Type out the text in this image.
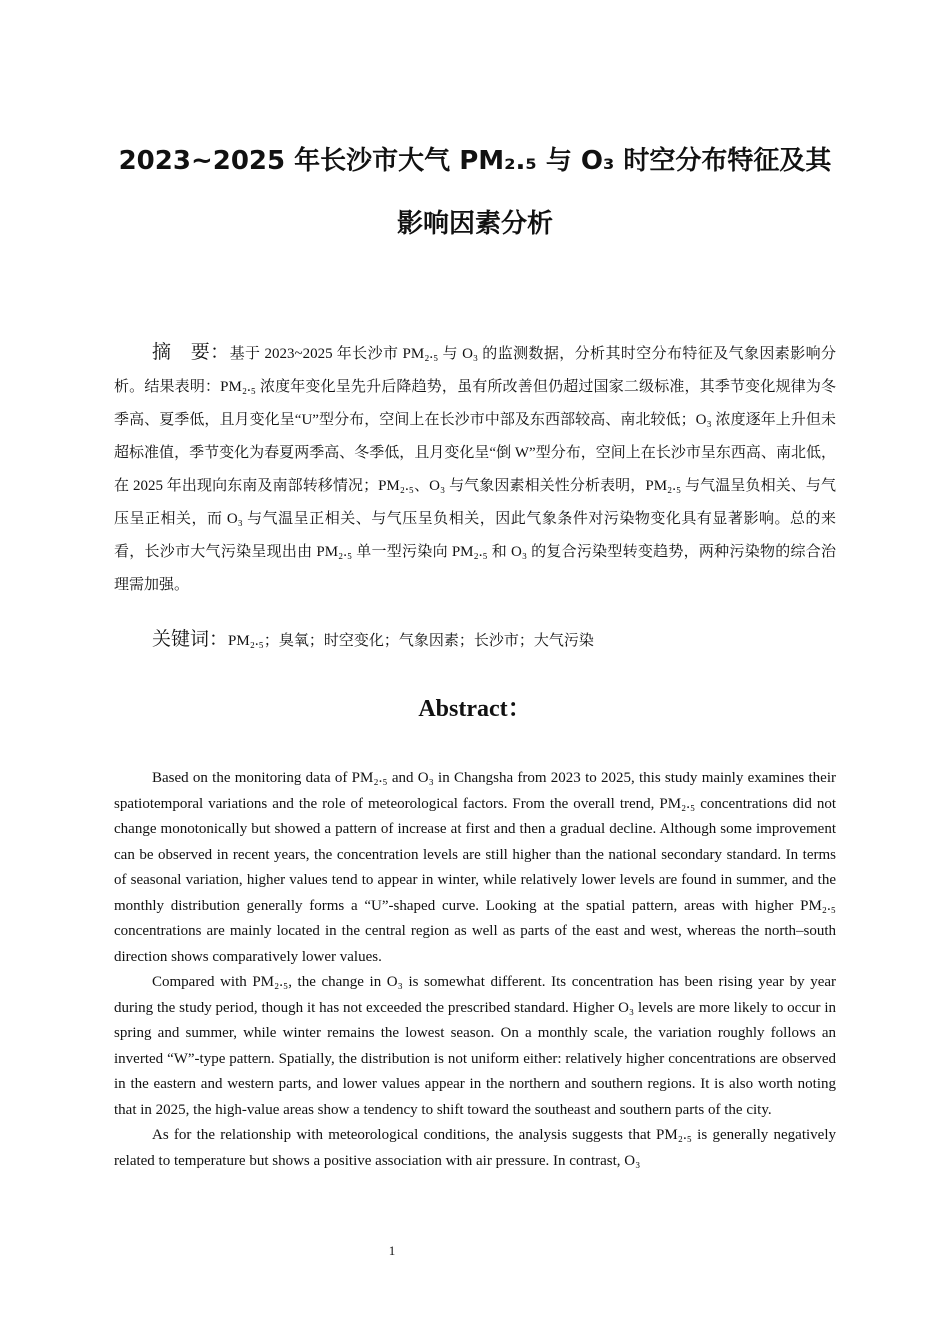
2023~2025 年长沙市大气 PM₂.₅ 与 O₃ 时空分布特征及其
影响因素分析
摘　要：基于 2023~2025 年长沙市 PM₂.₅ 与 O₃ 的监测数据，分析其时空分布特征及气象因素影响分析。结果表明：PM₂.₅ 浓度年变化呈先升后降趋势，虽有所改善但仍超过国家二级标准，其季节变化规律为冬季高、夏季低，且月变化呈“U”型分布，空间上在长沙市中部及东西部较高、南北较低；O₃ 浓度逐年上升但未超标准值，季节变化为春夏两季高、冬季低，且月变化呈“倒 W”型分布，空间上在长沙市呈东西高、南北低，在 2025 年出现向东南及南部转移情况；PM₂.₅、O₃ 与气象因素相关性分析表明，PM₂.₅ 与气温呈负相关、与气压呈正相关，而 O₃ 与气温呈正相关、与气压呈负相关，因此气象条件对污染物变化具有显著影响。总的来看，长沙市大气污染呈现出由 PM₂.₅ 单一型污染向 PM₂.₅ 和 O₃ 的复合污染型转变趋势，两种污染物的综合治理需加强。
关键词：PM₂.₅；臭氧；时空变化；气象因素；长沙市；大气污染
Abstract：

Based on the monitoring data of PM₂.₅ and O₃ in Changsha from 2023 to 2025, this study mainly examines their spatiotemporal variations and the role of meteorological factors. From the overall trend, PM₂.₅ concentrations did not change monotonically but showed a pattern of increase at first and then a gradual decline. Although some improvement can be observed in recent years, the concentration levels are still higher than the national secondary standard. In terms of seasonal variation, higher values tend to appear in winter, while relatively lower levels are found in summer, and the monthly distribution generally forms a “U”-shaped curve. Looking at the spatial pattern, areas with higher PM₂.₅ concentrations are mainly located in the central region as well as parts of the east and west, whereas the north–south direction shows comparatively lower values.

Compared with PM₂.₅, the change in O₃ is somewhat different. Its concentration has been rising year by year during the study period, though it has not exceeded the prescribed standard. Higher O₃ levels are more likely to occur in spring and summer, while winter remains the lowest season. On a monthly scale, the variation roughly follows an inverted “W”-type pattern. Spatially, the distribution is not uniform either: relatively higher concentrations are observed in the eastern and western parts, and lower values appear in the northern and southern regions. It is also worth noting that in 2025, the high-value areas show a tendency to shift toward the southeast and southern parts of the city.

As for the relationship with meteorological conditions, the analysis suggests that PM₂.₅ is generally negatively related to temperature but shows a positive association with air pressure. In contrast, O₃

1
